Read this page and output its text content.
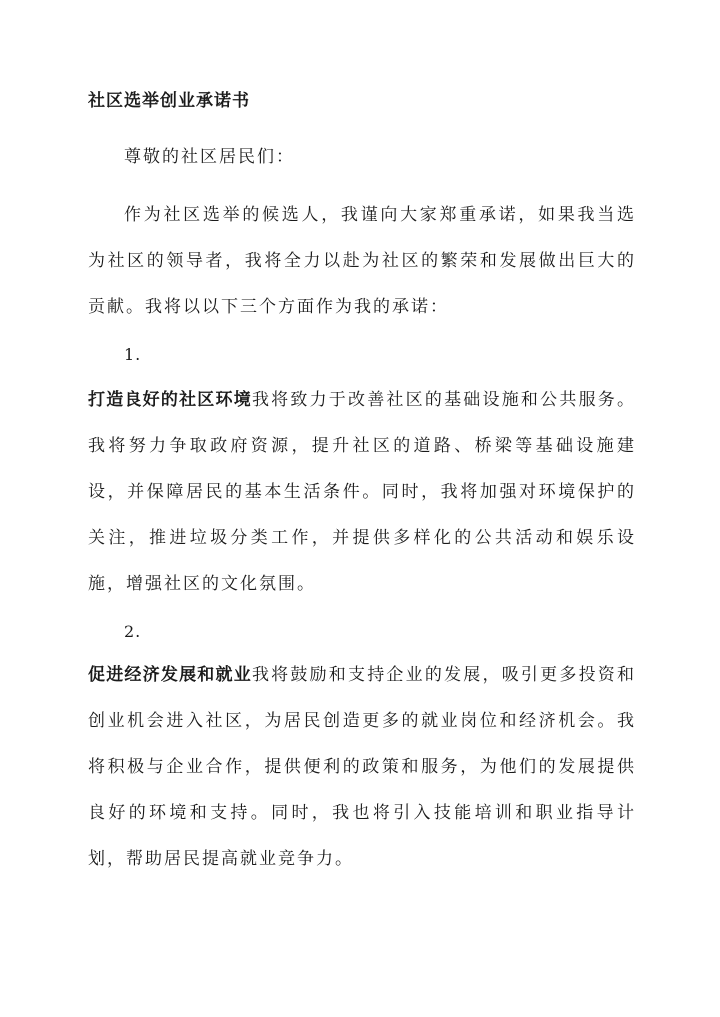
社区选举创业承诺书
尊敬的社区居民们：
作为社区选举的候选人，我谨向大家郑重承诺，如果我当选为社区的领导者，我将全力以赴为社区的繁荣和发展做出巨大的贡献。我将以以下三个方面作为我的承诺：
1.
打造良好的社区环境我将致力于改善社区的基础设施和公共服务。我将努力争取政府资源，提升社区的道路、桥梁等基础设施建设，并保障居民的基本生活条件。同时，我将加强对环境保护的关注，推进垃圾分类工作，并提供多样化的公共活动和娱乐设施，增强社区的文化氛围。
2.
促进经济发展和就业我将鼓励和支持企业的发展，吸引更多投资和创业机会进入社区，为居民创造更多的就业岗位和经济机会。我将积极与企业合作，提供便利的政策和服务，为他们的发展提供良好的环境和支持。同时，我也将引入技能培训和职业指导计划，帮助居民提高就业竞争力。
